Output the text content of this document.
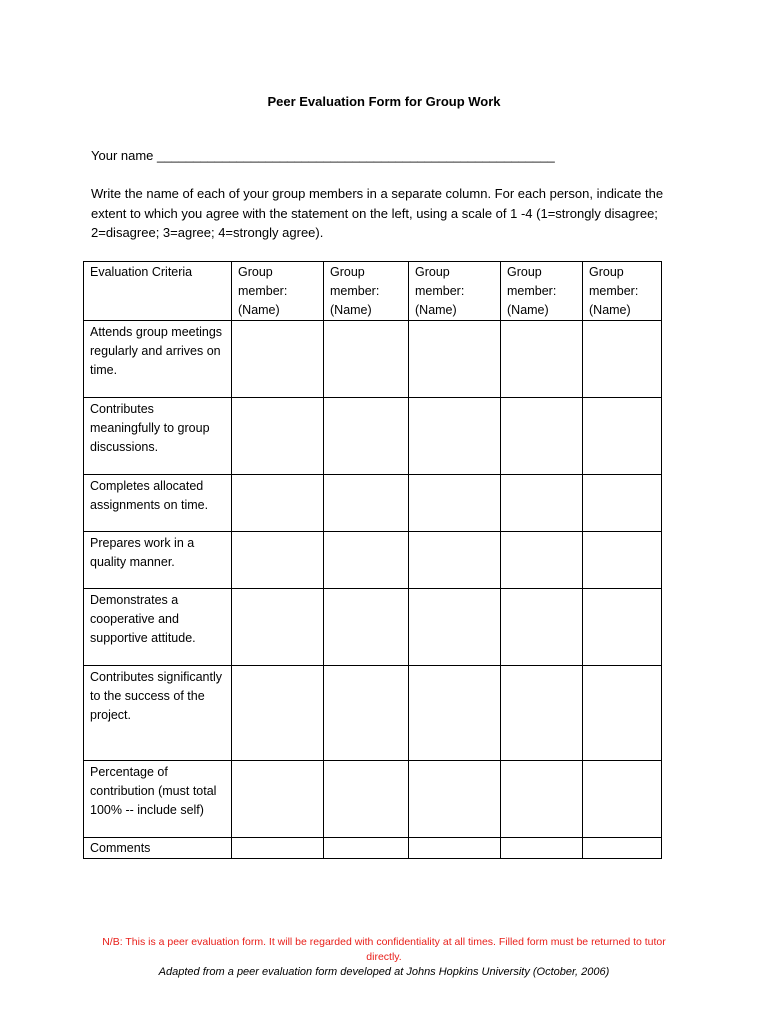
Peer Evaluation Form for Group Work
Your name _______________________________________________________
Write the name of each of your group members in a separate column. For each person, indicate the extent to which you agree with the statement on the left, using a scale of 1 -4 (1=strongly disagree; 2=disagree; 3=agree; 4=strongly agree).
Evaluation Criteria	Group
member:
(Name)	Group
member:
(Name)	Group
member:
(Name)	Group
member:
(Name)	Group
member:
(Name)
Attends group meetings regularly and arrives on time.					
Contributes meaningfully to group discussions.					
Completes allocated assignments on time.					
Prepares work in a quality manner.					
Demonstrates a cooperative and supportive attitude.					
Contributes significantly to the success of the project.					
Percentage of contribution (must total 100% -- include self)					
Comments					
N/B: This is a peer evaluation form. It will be regarded with confidentiality at all times. Filled form must be returned to tutor directly.
Adapted from a peer evaluation form developed at Johns Hopkins University (October, 2006)
